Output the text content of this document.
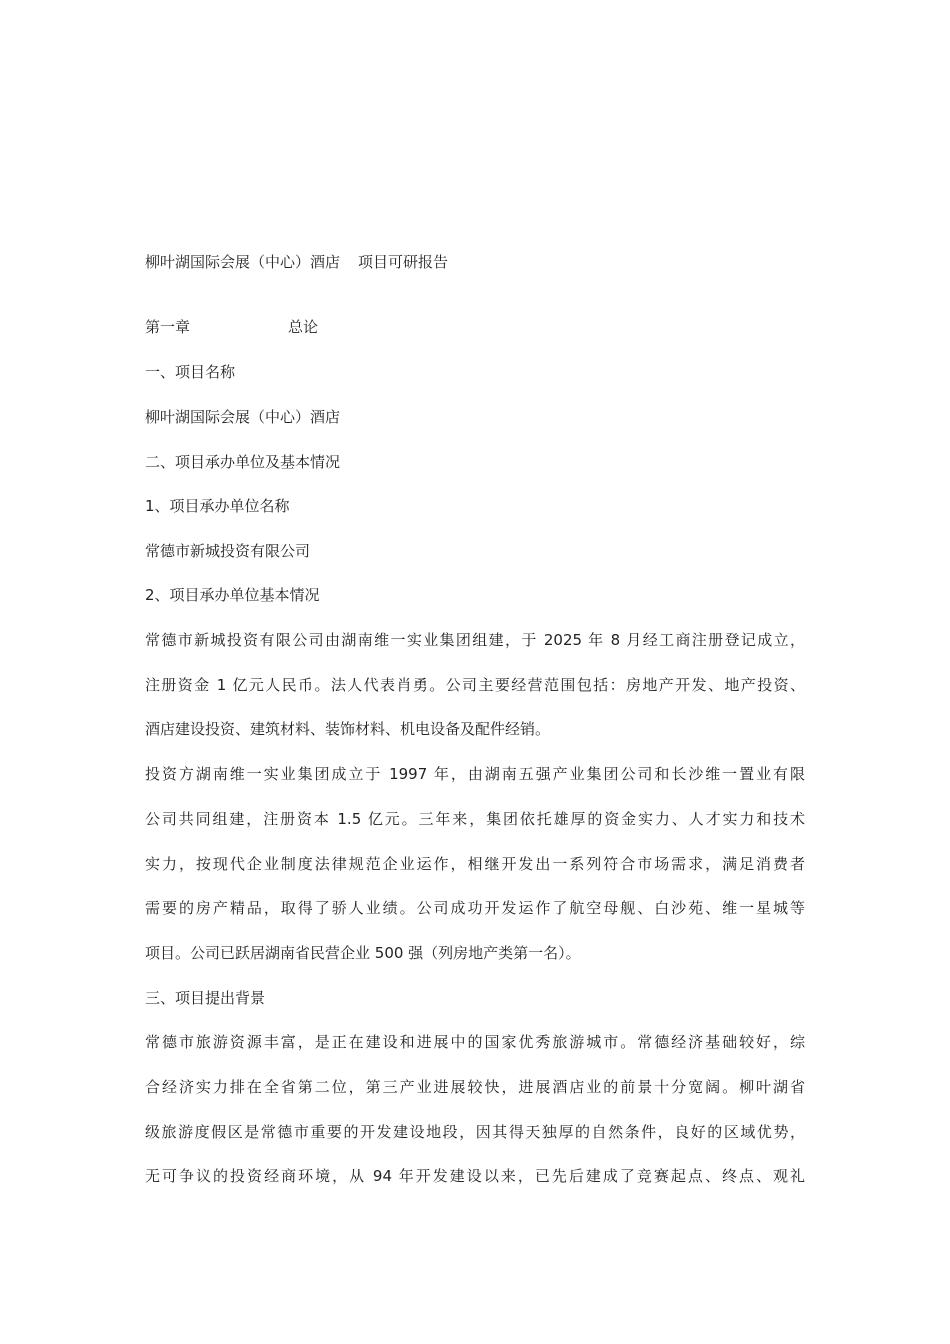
柳叶湖国际会展（中心）酒店 项目可研报告
第一章	总论
一、项目名称
柳叶湖国际会展（中心）酒店
二、项目承办单位及基本情况
1、项目承办单位名称
常德市新城投资有限公司
2、项目承办单位基本情况
常德市新城投资有限公司由湖南维一实业集团组建，于 2025 年 8 月经工商注册登记成立，
注册资金 1 亿元人民币。法人代表肖勇。公司主要经营范围包括：房地产开发、地产投资、
酒店建设投资、建筑材料、装饰材料、机电设备及配件经销。
投资方湖南维一实业集团成立于 1997 年，由湖南五强产业集团公司和长沙维一置业有限
公司共同组建，注册资本 1.5 亿元。三年来，集团依托雄厚的资金实力、人才实力和技术
实力，按现代企业制度法律规范企业运作，相继开发出一系列符合市场需求，满足消费者
需要的房产精品，取得了骄人业绩。公司成功开发运作了航空母舰、白沙苑、维一星城等
项目。公司已跃居湖南省民营企业 500 强（列房地产类第一名）。
三、项目提出背景
常德市旅游资源丰富，是正在建设和进展中的国家优秀旅游城市。常德经济基础较好，综
合经济实力排在全省第二位，第三产业进展较快，进展酒店业的前景十分宽阔。柳叶湖省
级旅游度假区是常德市重要的开发建设地段，因其得天独厚的自然条件，良好的区域优势，
无可争议的投资经商环境，从 94 年开发建设以来，已先后建成了竞赛起点、终点、观礼
